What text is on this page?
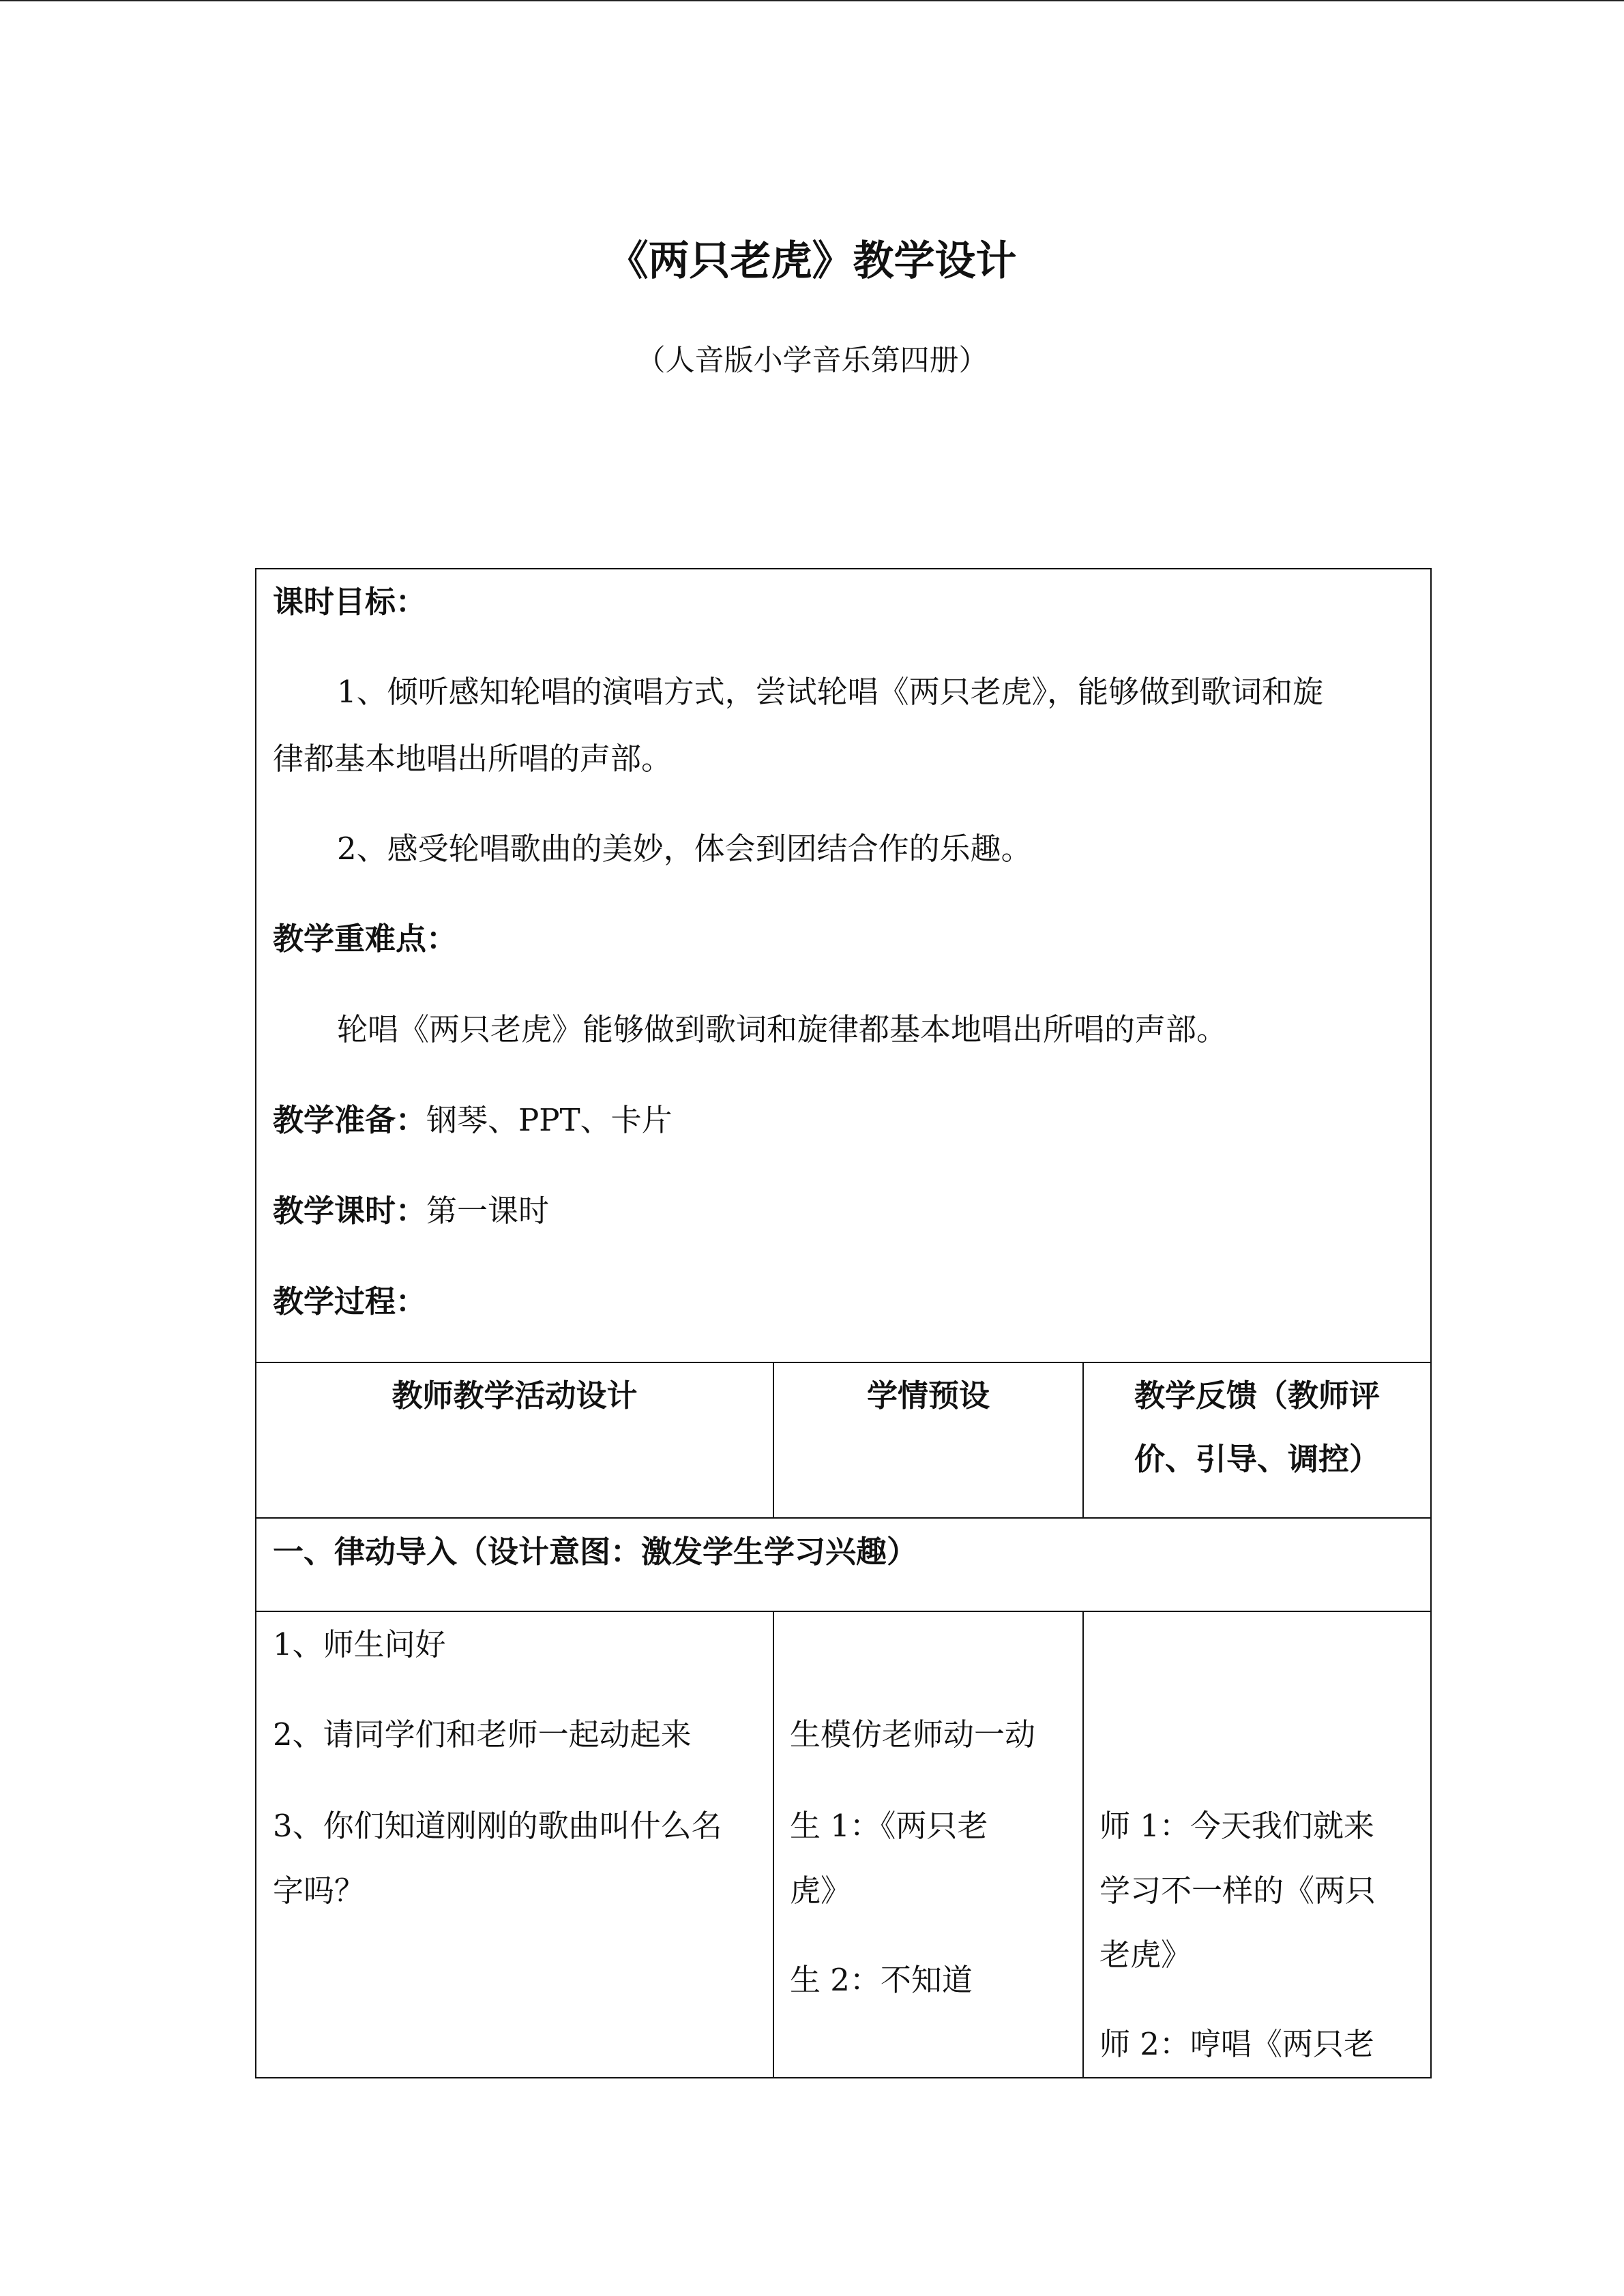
《两只老虎》教学设计
（人音版小学音乐第四册）
课时目标：
1、倾听感知轮唱的演唱方式，尝试轮唱《两只老虎》，能够做到歌词和旋
律都基本地唱出所唱的声部。
2、感受轮唱歌曲的美妙，体会到团结合作的乐趣。
教学重难点：
轮唱《两只老虎》能够做到歌词和旋律都基本地唱出所唱的声部。
教学准备：钢琴、PPT、卡片
教学课时：第一课时
教学过程：
教师教学活动设计	学情预设	教学反馈（教师评
价、引导、调控）
一、律动导入（设计意图：激发学生学习兴趣）
1、师生问好
2、请同学们和老师一起动起来
3、你们知道刚刚的歌曲叫什么名
字吗？
生模仿老师动一动
生 1：《两只老
虎》
生 2：不知道
师 1：今天我们就来
学习不一样的《两只
老虎》
师 2：哼唱《两只老
